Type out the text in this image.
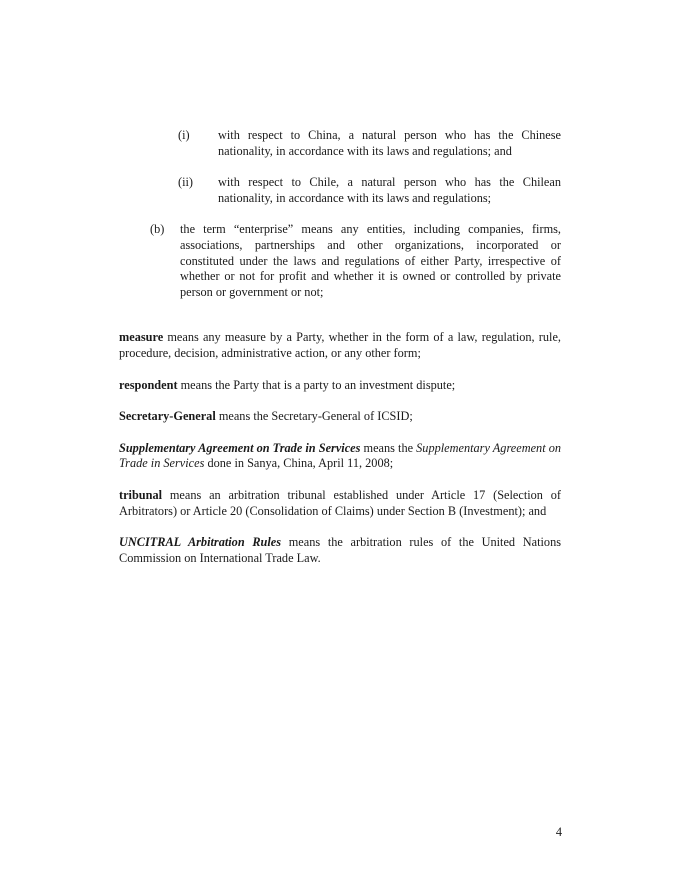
(i)	with respect to China, a natural person who has the Chinese nationality, in accordance with its laws and regulations; and
(ii)	with respect to Chile, a natural person who has the Chilean nationality, in accordance with its laws and regulations;
(b)	the term “enterprise” means any entities, including companies, firms, associations, partnerships and other organizations, incorporated or constituted under the laws and regulations of either Party, irrespective of whether or not for profit and whether it is owned or controlled by private person or government or not;

measure means any measure by a Party, whether in the form of a law, regulation, rule, procedure, decision, administrative action, or any other form;

respondent means the Party that is a party to an investment dispute;

Secretary-General means the Secretary-General of ICSID;

Supplementary Agreement on Trade in Services means the Supplementary Agreement on Trade in Services done in Sanya, China, April 11, 2008;

tribunal means an arbitration tribunal established under Article 17 (Selection of Arbitrators) or Article 20 (Consolidation of Claims) under Section B (Investment); and

UNCITRAL Arbitration Rules means the arbitration rules of the United Nations Commission on International Trade Law.

4
